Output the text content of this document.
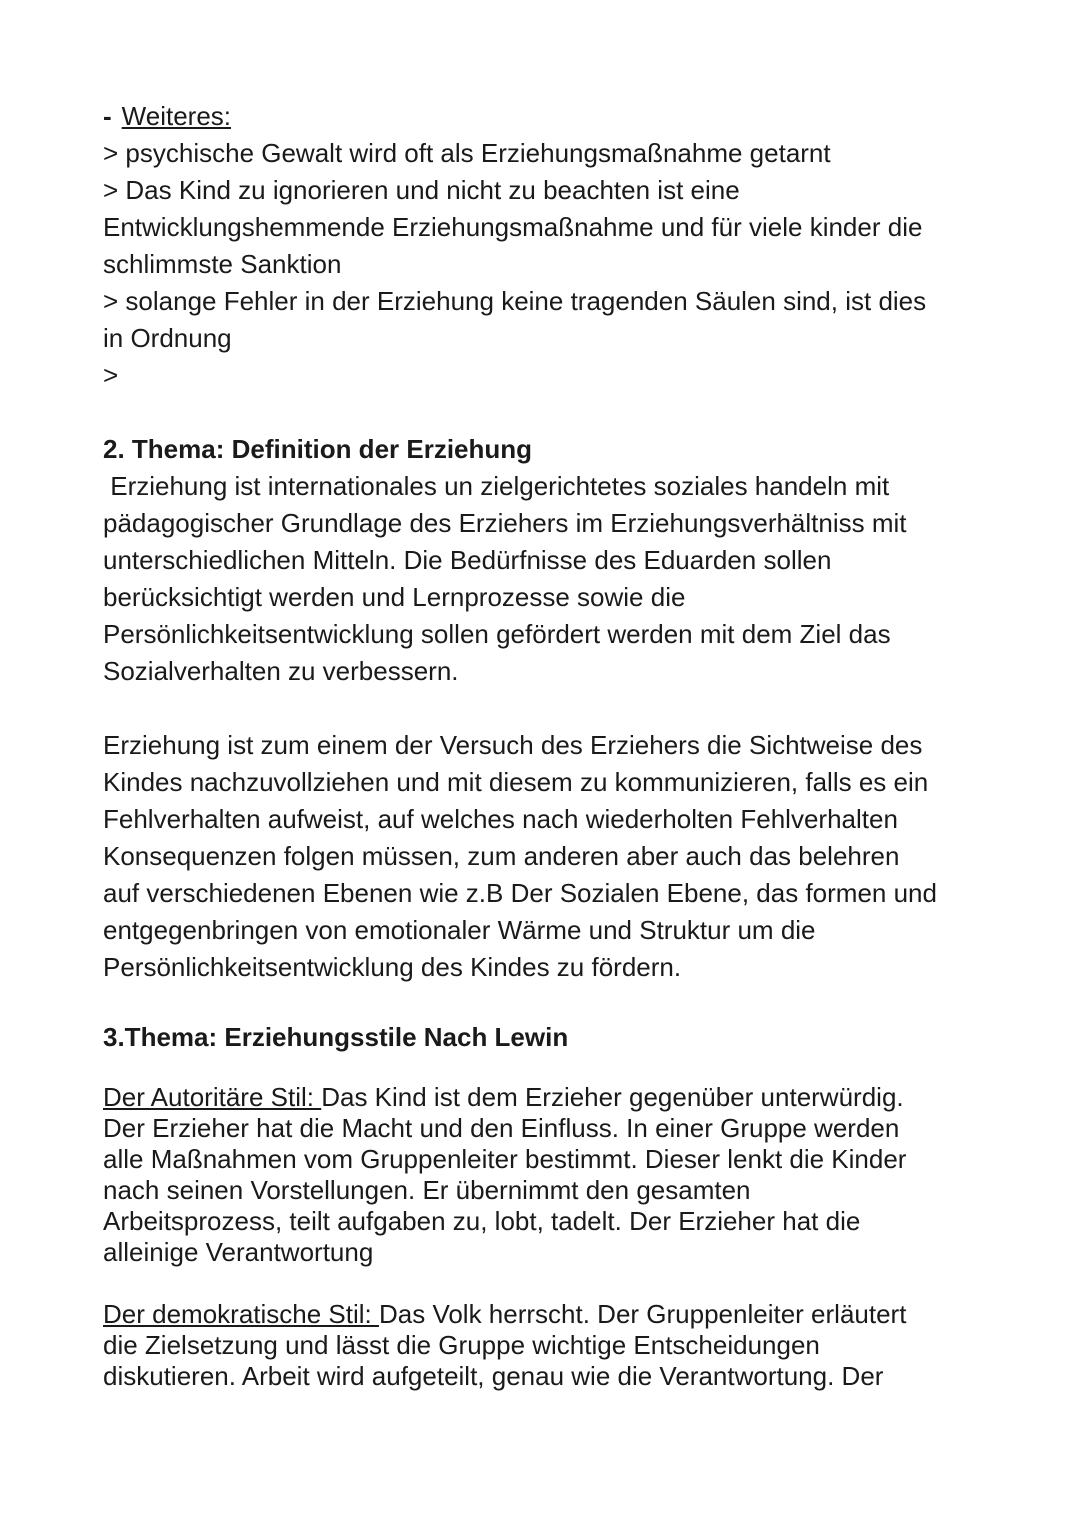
- Weiteres:
> psychische Gewalt wird oft als Erziehungsmaßnahme getarnt
> Das Kind zu ignorieren und nicht zu beachten ist eine
Entwicklungshemmende Erziehungsmaßnahme und für viele kinder die
schlimmste Sanktion
> solange Fehler in der Erziehung keine tragenden Säulen sind, ist dies
in Ordnung
>
2. Thema: Definition der Erziehung
Erziehung ist internationales un zielgerichtetes soziales handeln mit
pädagogischer Grundlage des Erziehers im Erziehungsverhältniss mit
unterschiedlichen Mitteln. Die Bedürfnisse des Eduarden sollen
berücksichtigt werden und Lernprozesse sowie die
Persönlichkeitsentwicklung sollen gefördert werden mit dem Ziel das
Sozialverhalten zu verbessern.
Erziehung ist zum einem der Versuch des Erziehers die Sichtweise des
Kindes nachzuvollziehen und mit diesem zu kommunizieren, falls es ein
Fehlverhalten aufweist, auf welches nach wiederholten Fehlverhalten
Konsequenzen folgen müssen, zum anderen aber auch das belehren
auf verschiedenen Ebenen wie z.B Der Sozialen Ebene, das formen und
entgegenbringen von emotionaler Wärme und Struktur um die
Persönlichkeitsentwicklung des Kindes zu fördern.
3.Thema: Erziehungsstile Nach Lewin
Der Autoritäre Stil: Das Kind ist dem Erzieher gegenüber unterwürdig.
Der Erzieher hat die Macht und den Einfluss. In einer Gruppe werden
alle Maßnahmen vom Gruppenleiter bestimmt. Dieser lenkt die Kinder
nach seinen Vorstellungen. Er übernimmt den gesamten
Arbeitsprozess, teilt aufgaben zu, lobt, tadelt. Der Erzieher hat die
alleinige Verantwortung
Der demokratische Stil: Das Volk herrscht. Der Gruppenleiter erläutert
die Zielsetzung und lässt die Gruppe wichtige Entscheidungen
diskutieren. Arbeit wird aufgeteilt, genau wie die Verantwortung. Der
